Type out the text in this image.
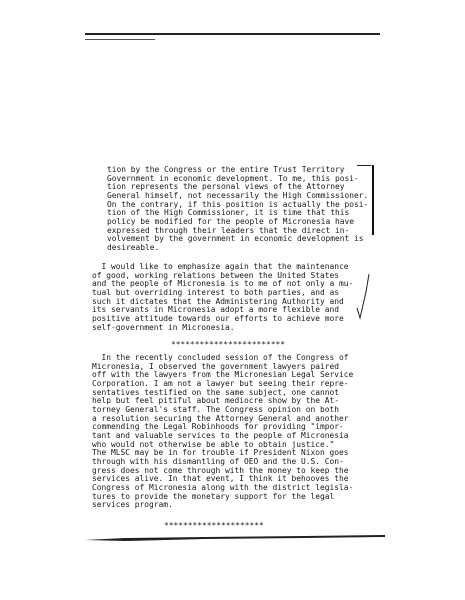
tion by the Congress or the entire Trust Territory
Government in economic development. To me, this posi-
tion represents the personal views of the Attorney
General himself, not necessarily the High Commissioner.
On the contrary, if this position is actually the posi-
tion of the High Commissioner, it is time that this
policy be modified for the people of Micronesia have
expressed through their leaders that the direct in-
volvement by the government in economic development is
desireable.

I would like to emphasize again that the maintenance
of good, working relations between the United States
and the people of Micronesia is to me of not only a mu-
tual but overriding interest to both parties, and as
such it dictates that the Administering Authority and
its servants in Micronesia adopt a more flexible and
positive attitude towards our efforts to achieve more
self-government in Micronesia.

************************

In the recently concluded session of the Congress of
Micronesia, I observed the government lawyers paired
off with the lawyers from the Micronesian Legal Service
Corporation. I am not a lawyer but seeing their repre-
sentatives testified on the same subject, one cannot
help but feel pitiful about mediocre show by the At-
torney General's staff. The Congress opinion on both
a resolution securing the Attorney General and another
commending the Legal Robinhoods for providing "impor-
tant and valuable services to the people of Micronesia
who would not otherwise be able to obtain justice."
The MLSC may be in for trouble if President Nixon goes
through with his dismantling of OEO and the U.S. Con-
gress does not come through with the money to keep the
services alive. In that event, I think it behooves the
Congress of Micronesia along with the district legisla-
tures to provide the monetary support for the legal
services program.

*********************
